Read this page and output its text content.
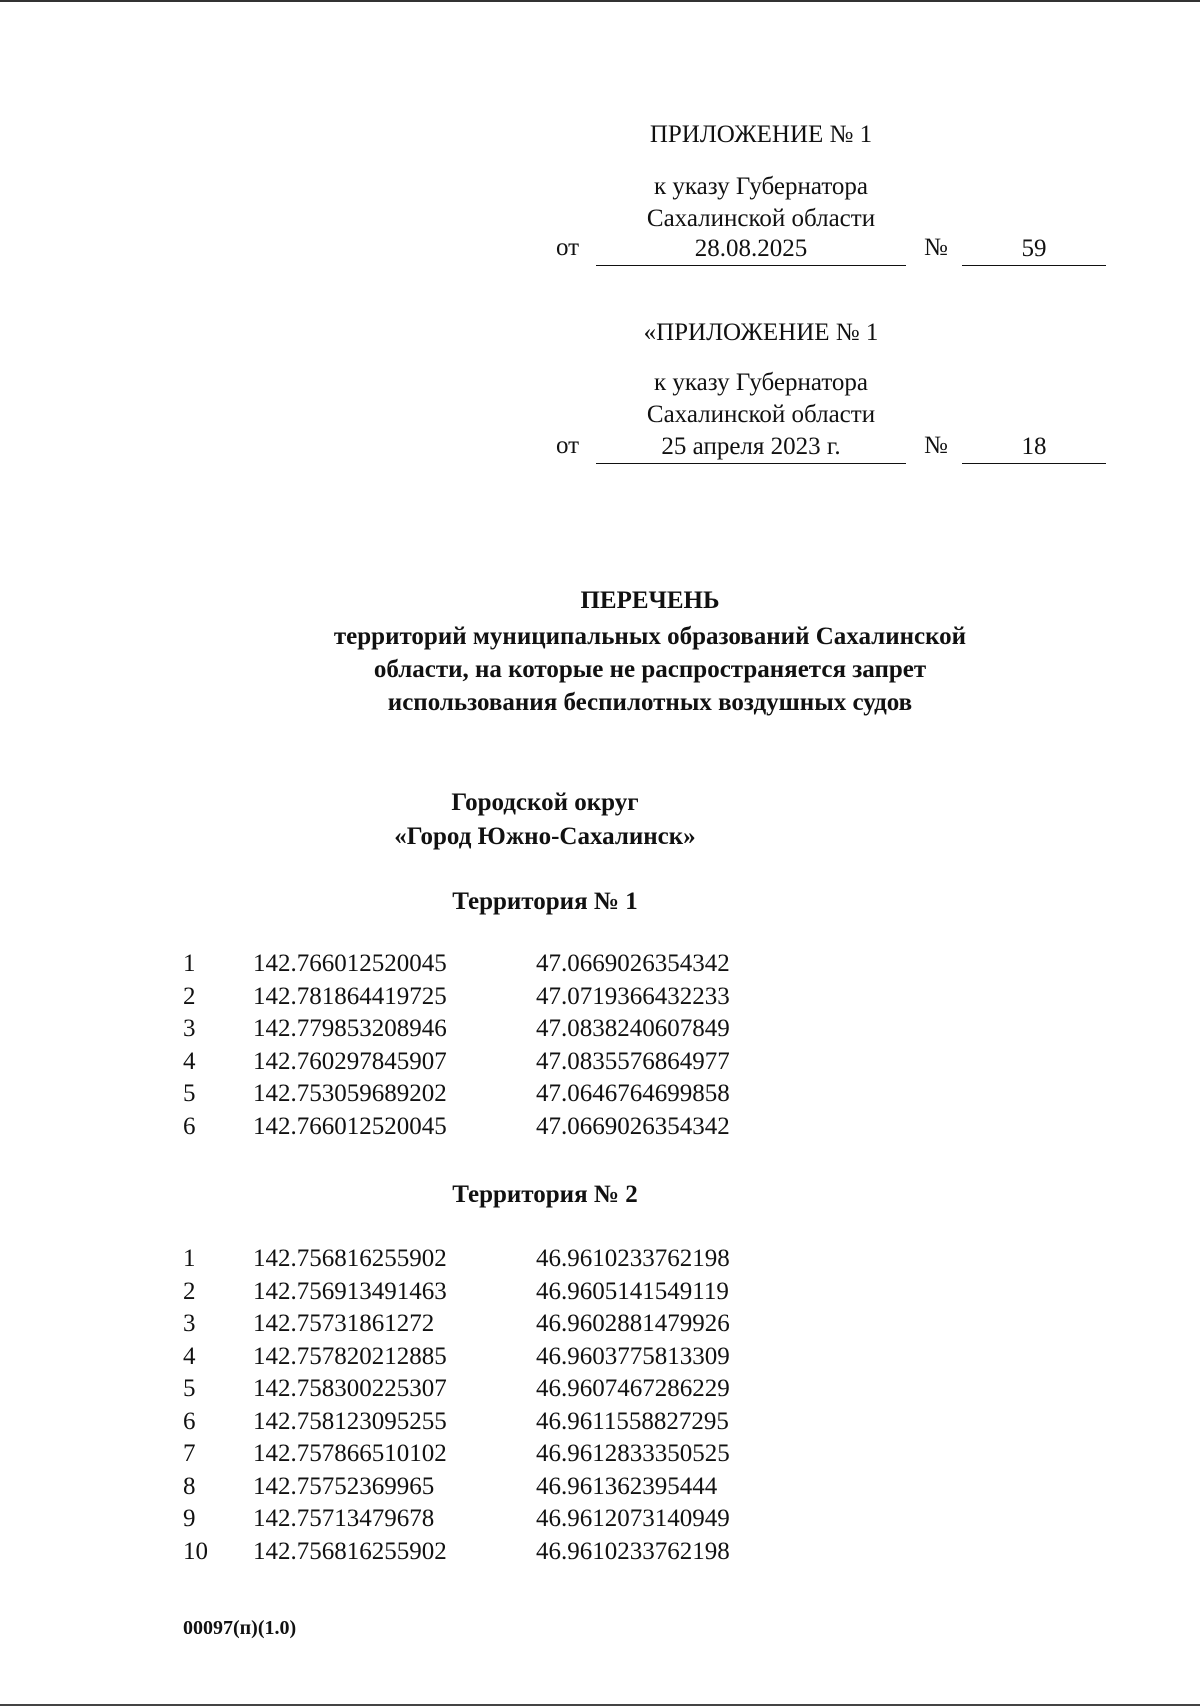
ПРИЛОЖЕНИЕ № 1
к указу Губернатора
Сахалинской области
от	28.08.2025	№	59
«ПРИЛОЖЕНИЕ № 1
к указу Губернатора
Сахалинской области
от	25 апреля 2023 г.	№	18
ПЕРЕЧЕНЬ
территорий муниципальных образований Сахалинской
области, на которые не распространяется запрет
использования беспилотных воздушных судов
Городской округ
«Город Южно-Сахалинск»
Территория № 1
1	142.766012520045	47.0669026354342
2	142.781864419725	47.0719366432233
3	142.779853208946	47.0838240607849
4	142.760297845907	47.0835576864977
5	142.753059689202	47.0646764699858
6	142.766012520045	47.0669026354342
Территория № 2
1	142.756816255902	46.9610233762198
2	142.756913491463	46.9605141549119
3	142.75731861272	46.9602881479926
4	142.757820212885	46.9603775813309
5	142.758300225307	46.9607467286229
6	142.758123095255	46.9611558827295
7	142.757866510102	46.9612833350525
8	142.75752369965	46.961362395444
9	142.75713479678	46.9612073140949
10	142.756816255902	46.9610233762198
00097(п)(1.0)
